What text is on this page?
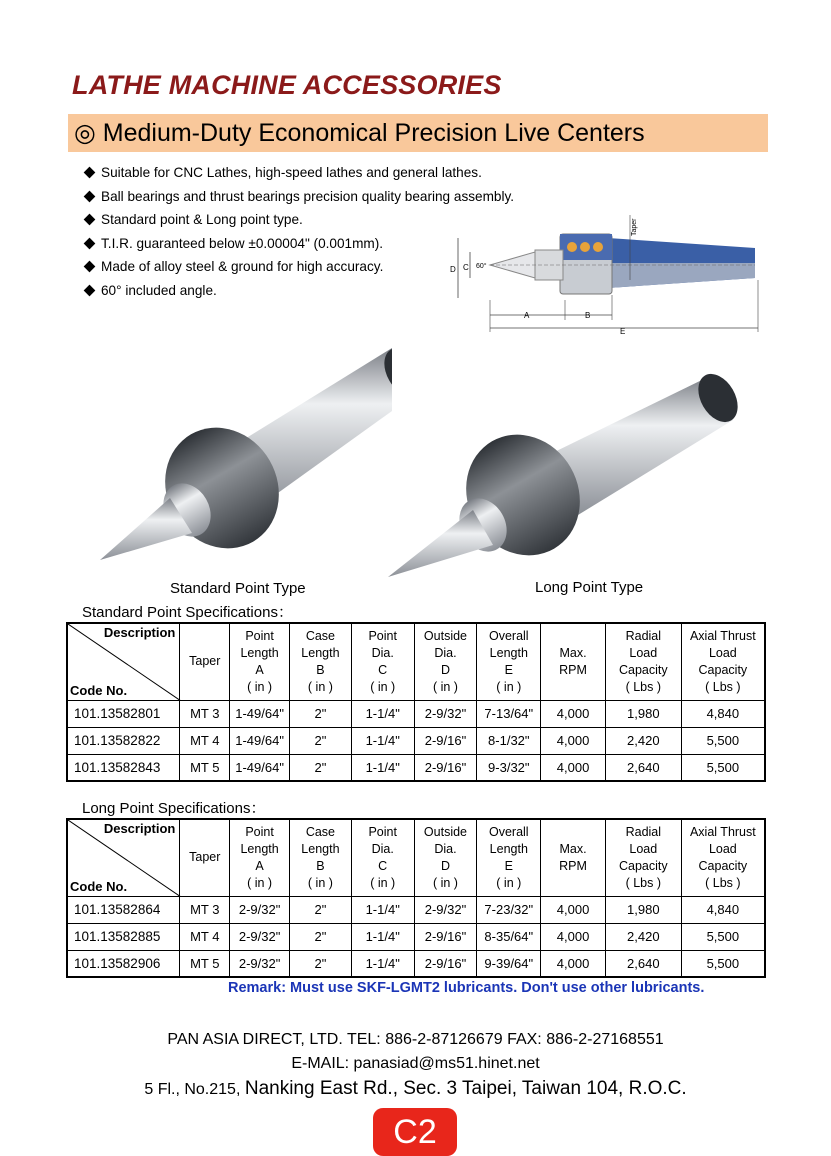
LATHE MACHINE ACCESSORIES
◎ Medium-Duty Economical Precision Live Centers
Suitable for CNC Lathes, high-speed lathes and general lathes.
Ball bearings and thrust bearings precision quality bearing assembly.
Standard point & Long point type.
T.I.R. guaranteed below ±0.00004" (0.001mm).
Made of alloy steel & ground for high accuracy.
60° included angle.
D C 60°
A	B
E
Taper
Standard Point Type	Long Point Type
Standard Point Specifications：
Description
Code No.	Taper	Point
Length
A
( in )	Case
Length
B
( in )	Point
Dia.
C
( in )	Outside
Dia.
D
( in )	Overall
Length
E
( in )	Max.
RPM	Radial
Load
Capacity
( Lbs )	Axial Thrust
Load
Capacity
( Lbs )
101.13582801	MT 3	1-49/64"	2"	1-1/4"	2-9/32"	7-13/64"	4,000	1,980	4,840
101.13582822	MT 4	1-49/64"	2"	1-1/4"	2-9/16"	8-1/32"	4,000	2,420	5,500
101.13582843	MT 5	1-49/64"	2"	1-1/4"	2-9/16"	9-3/32"	4,000	2,640	5,500
Long Point Specifications：
Description
Code No.	Taper	Point
Length
A
( in )	Case
Length
B
( in )	Point
Dia.
C
( in )	Outside
Dia.
D
( in )	Overall
Length
E
( in )	Max.
RPM	Radial
Load
Capacity
( Lbs )	Axial Thrust
Load
Capacity
( Lbs )
101.13582864	MT 3	2-9/32"	2"	1-1/4"	2-9/32"	7-23/32"	4,000	1,980	4,840
101.13582885	MT 4	2-9/32"	2"	1-1/4"	2-9/16"	8-35/64"	4,000	2,420	5,500
101.13582906	MT 5	2-9/32"	2"	1-1/4"	2-9/16"	9-39/64"	4,000	2,640	5,500
Remark: Must use SKF-LGMT2 lubricants. Don't use other lubricants.
PAN ASIA DIRECT, LTD. TEL: 886-2-87126679 FAX: 886-2-27168551
E-MAIL: panasiad@ms51.hinet.net
5 Fl., No.215, Nanking East Rd., Sec. 3 Taipei, Taiwan 104, R.O.C.
C2
